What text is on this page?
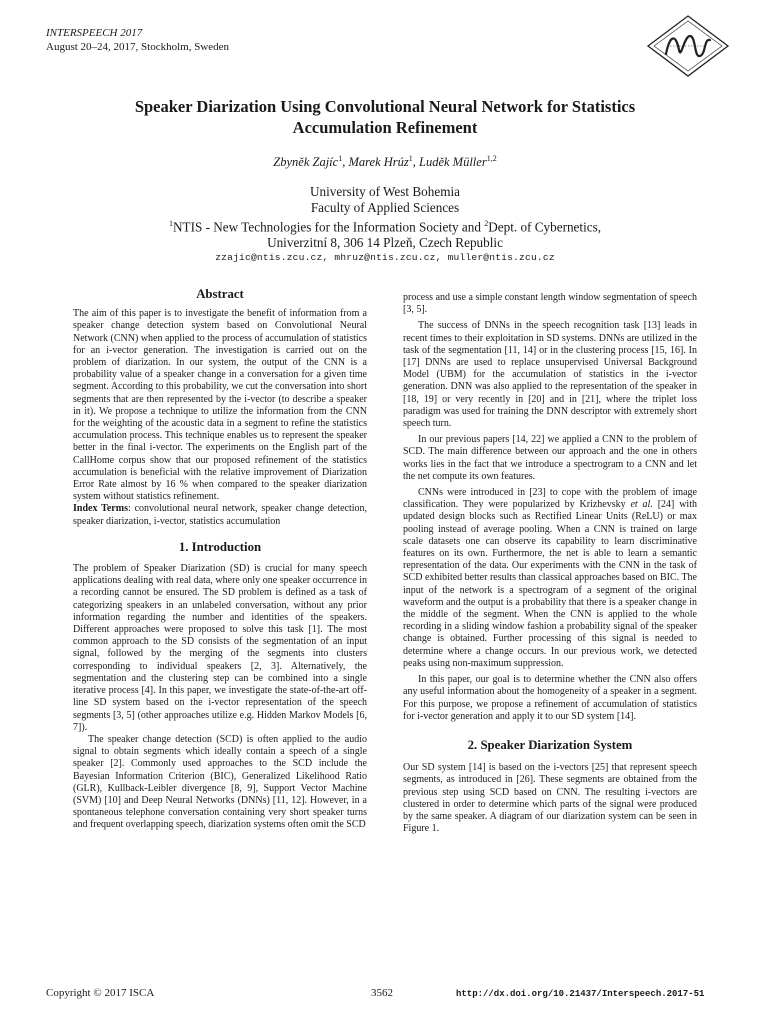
INTERSPEECH 2017
August 20–24, 2017, Stockholm, Sweden
Speaker Diarization Using Convolutional Neural Network for Statistics
Accumulation Refinement
Zbyněk Zajíc$^1$, Marek Hrúz$^1$, Luděk Müller$^{1,2}$
University of West Bohemia
Faculty of Applied Sciences
$^1$NTIS - New Technologies for the Information Society and $^2$Dept. of Cybernetics,
Univerzitní 8, 306 14 Plzeň, Czech Republic
zzajic@ntis.zcu.cz, mhruz@ntis.zcu.cz, muller@ntis.zcu.cz
Abstract

The aim of this paper is to investigate the benefit of information from a speaker change detection system based on Convolutional Neural Network (CNN) when applied to the process of accumulation of statistics for an i-vector generation. The investigation is carried out on the problem of diarization. In our system, the output of the CNN is a probability value of a speaker change in a conversation for a given time segment. According to this probability, we cut the conversation into short segments that are then represented by the i-vector (to describe a speaker in it). We propose a technique to utilize the information from the CNN for the weighting of the acoustic data in a segment to refine the statistics accumulation process. This technique enables us to represent the speaker better in the final i-vector. The experiments on the English part of the CallHome corpus show that our proposed refinement of the statistics accumulation is beneficial with the relative improvement of Diarization Error Rate almost by 16 % when compared to the speaker diarization system without statistics refinement.

Index Terms: convolutional neural network, speaker change detection, speaker diarization, i-vector, statistics accumulation

1. Introduction

The problem of Speaker Diarization (SD) is crucial for many speech applications dealing with real data, where only one speaker occurrence in a recording cannot be ensured. The SD problem is defined as a task of categorizing speakers in an unlabeled conversation, without any prior information regarding the number and identities of the speakers. Different approaches were proposed to solve this task [1]. The most common approach to the SD consists of the segmentation of an input signal, followed by the merging of the segments into clusters corresponding to individual speakers [2, 3]. Alternatively, the segmentation and the clustering step can be combined into a single iterative process [4]. In this paper, we investigate the state-of-the-art off-line SD system based on the i-vector representation of the speech segments [3, 5] (other approaches utilize e.g. Hidden Markov Models [6, 7]).

The speaker change detection (SCD) is often applied to the audio signal to obtain segments which ideally contain a speech of a single speaker [2]. Commonly used approaches to the SCD include the Bayesian Information Criterion (BIC), Generalized Likelihood Ratio (GLR), Kullback-Leibler divergence [8, 9], Support Vector Machine (SVM) [10] and Deep Neural Networks (DNNs) [11, 12]. However, in a spontaneous telephone conversation containing very short speaker turns and frequent overlapping speech, diarization systems often omit the SCD

process and use a simple constant length window segmentation of speech [3, 5].

The success of DNNs in the speech recognition task [13] leads in recent times to their exploitation in SD systems. DNNs are utilized in the task of the segmentation [11, 14] or in the clustering process [15, 16]. In [17] DNNs are used to replace unsupervised Universal Background Model (UBM) for the accumulation of statistics in the i-vector generation. DNN was also applied to the representation of the speaker in [18, 19] or very recently in [20] and in [21], where the triplet loss paradigm was used for training the DNN descriptor with extremely short speech turn.

In our previous papers [14, 22] we applied a CNN to the problem of SCD. The main difference between our approach and the one in others works lies in the fact that we introduce a spectrogram to a CNN and let the net compute its own features.

CNNs were introduced in [23] to cope with the problem of image classification. They were popularized by Krizhevsky et al. [24] with updated design blocks such as Rectified Linear Units (ReLU) or max pooling instead of average pooling. When a CNN is trained on large scale datasets one can observe its capability to learn discriminative features on its own. Furthermore, the net is able to learn a semantic representation of the data. Our experiments with the CNN in the task of SCD exhibited better results than classical approaches based on BIC. The input of the network is a spectrogram of a segment of the original waveform and the output is a probability that there is a speaker change in the middle of the segment. When the CNN is applied to the whole recording in a sliding window fashion a probability signal of the speaker change is obtained. Further processing of this signal is needed to determine where a change occurs. In our previous work, we detected peaks using non-maximum suppression.

In this paper, our goal is to determine whether the CNN also offers any useful information about the homogeneity of a speaker in a segment. For this purpose, we propose a refinement of accumulation of statistics for i-vector generation and apply it to our SD system [14].

2. Speaker Diarization System

Our SD system [14] is based on the i-vectors [25] that represent speech segments, as introduced in [26]. These segments are obtained from the previous step using SCD based on CNN. The resulting i-vectors are clustered in order to determine which parts of the signal were produced by the same speaker. A diagram of our diarization system can be seen in Figure 1.

Copyright © 2017 ISCA	3562	http://dx.doi.org/10.21437/Interspeech.2017-51
